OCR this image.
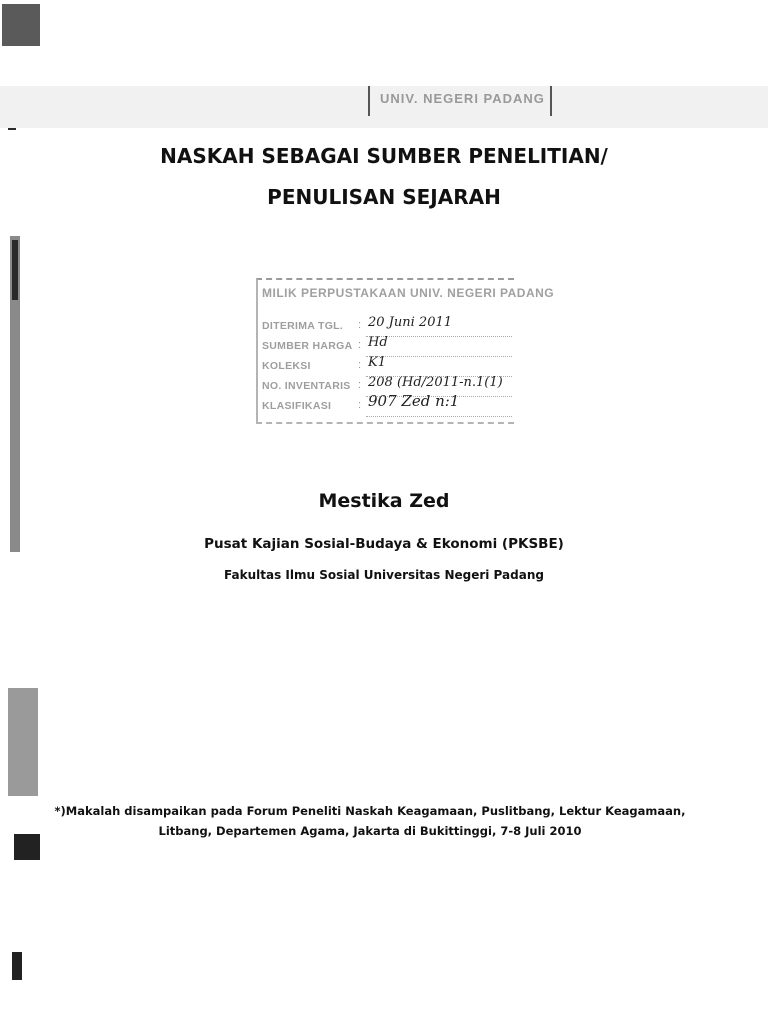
UNIV. NEGERI PADANG
NASKAH SEBAGAI SUMBER PENELITIAN/
PENULISAN SEJARAH
MILIK PERPUSTAKAAN UNIV. NEGERI PADANG
DITERIMA TGL.	: 20 Juni 2011
SUMBER HARGA : Hd
KOLEKSI	: K1
NO. INVENTARIS : 208 (Hd/2011-n.1(1)
KLASIFIKASI	: 907 Zed n:1
Mestika Zed
Pusat Kajian Sosial-Budaya & Ekonomi (PKSBE)
Fakultas Ilmu Sosial Universitas Negeri Padang
*)Makalah disampaikan pada Forum Peneliti Naskah Keagamaan, Puslitbang, Lektur Keagamaan,
Litbang, Departemen Agama, Jakarta di Bukittinggi, 7-8 Juli 2010
